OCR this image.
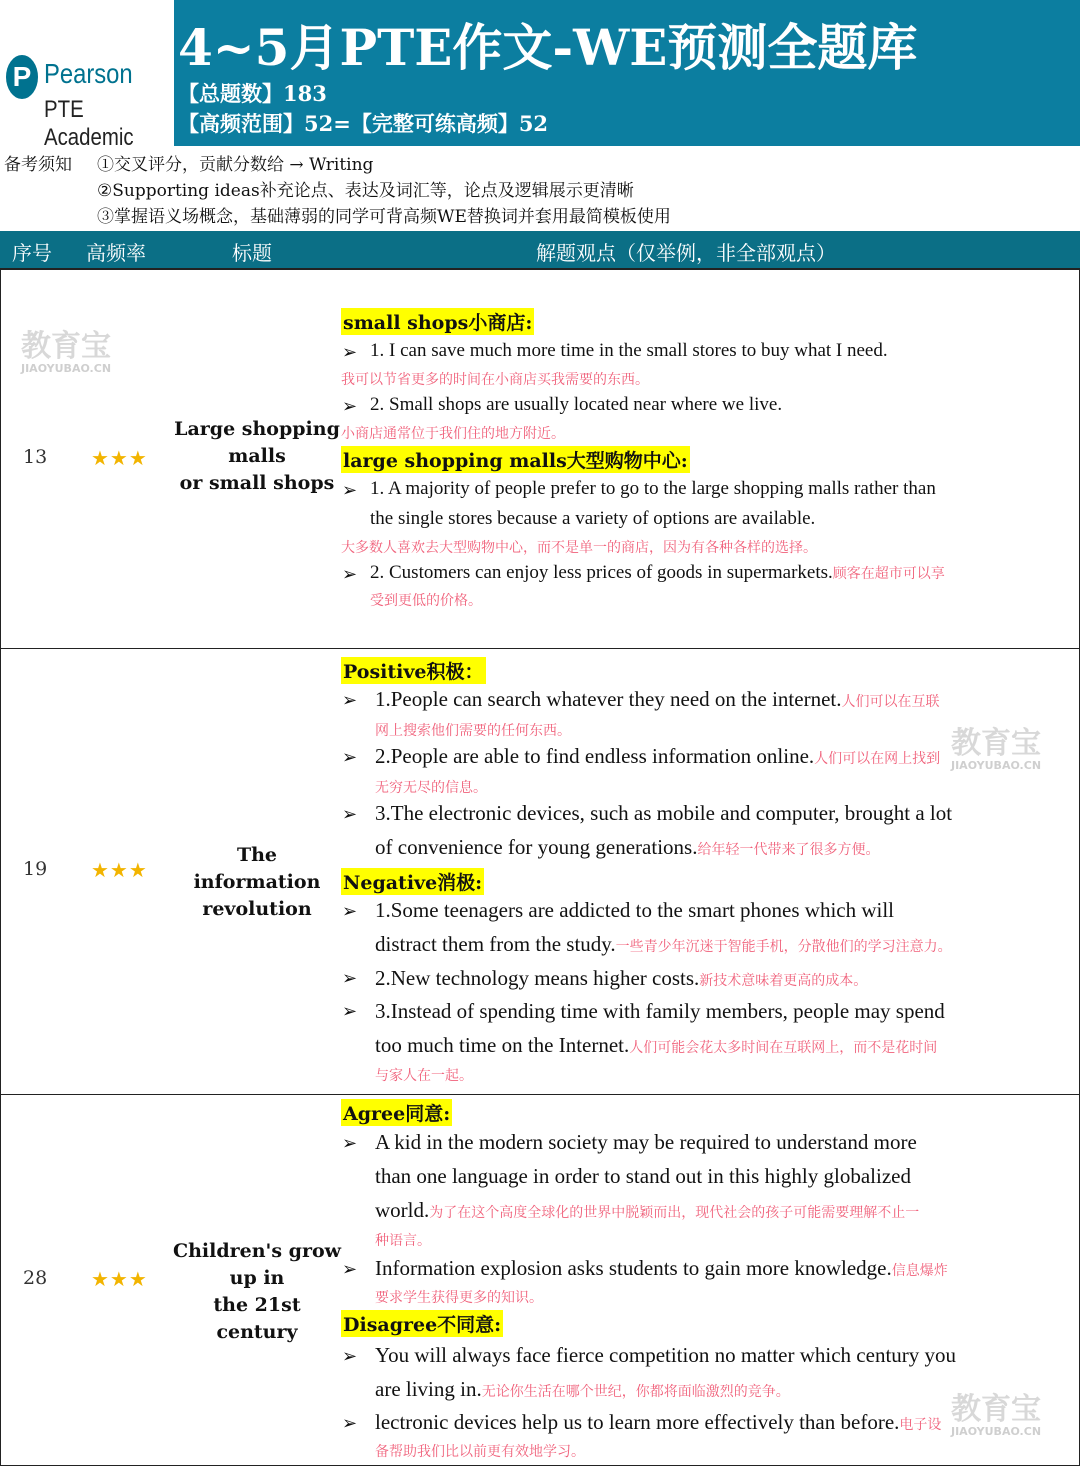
P Pearson
PTE Academic
4~5月PTE作文-WE预测全题库
【总题数】183
【高频范围】52=【完整可练高频】52
备考须知 ①交叉评分，贡献分数给 → Writing
②Supporting ideas补充论点、表达及词汇等，论点及逻辑展示更清晰
③掌握语义场概念，基础薄弱的同学可背高频WE替换词并套用最简模板使用
序号 高频率	标题	解题观点（仅举例，非全部观点）
教育宝
JIAOYUBAO.CN
13 ★★★
Large shopping
malls
or small shops
small shops小商店:
➢ 1. I can save much more time in the small stores to buy what I need.
我可以节省更多的时间在小商店买我需要的东西。
➢ 2. Small shops are usually located near where we live.
小商店通常位于我们住的地方附近。
large shopping malls大型购物中心:
➢ 1. A majority of people prefer to go to the large shopping malls rather than
the single stores because a variety of options are available.
大多数人喜欢去大型购物中心，而不是单一的商店，因为有各种各样的选择。
➢ 2. Customers can enjoy less prices of goods in supermarkets.顾客在超市可以享
受到更低的价格。
教育宝
JIAOYUBAO.CN
19 ★★★
The information
revolution
Positive积极：
➢ 1.People can search whatever they need on the internet.人们可以在互联
网上搜索他们需要的任何东西。
➢ 2.People are able to find endless information online.人们可以在网上找到
无穷无尽的信息。
➢ 3.The electronic devices, such as mobile and computer, brought a lot
of convenience for young generations.给年轻一代带来了很多方便。
Negative消极:
➢ 1.Some teenagers are addicted to the smart phones which will
distract them from the study.一些青少年沉迷于智能手机，分散他们的学习注意力。
➢ 2.New technology means higher costs.新技术意味着更高的成本。
➢ 3.Instead of spending time with family members, people may spend
too much time on the Internet.人们可能会花太多时间在互联网上，而不是花时间
与家人在一起。
教育宝
JIAOYUBAO.CN
28 ★★★
Children's grow
up in
the 21st century
Agree同意:
➢ A kid in the modern society may be required to understand more
than one language in order to stand out in this highly globalized
world.为了在这个高度全球化的世界中脱颖而出，现代社会的孩子可能需要理解不止一
种语言。
➢ Information explosion asks students to gain more knowledge.信息爆炸
要求学生获得更多的知识。
Disagree不同意:
➢ You will always face fierce competition no matter which century you
are living in.无论你生活在哪个世纪，你都将面临激烈的竞争。
➢ lectronic devices help us to learn more effectively than before.电子设
备帮助我们比以前更有效地学习。
